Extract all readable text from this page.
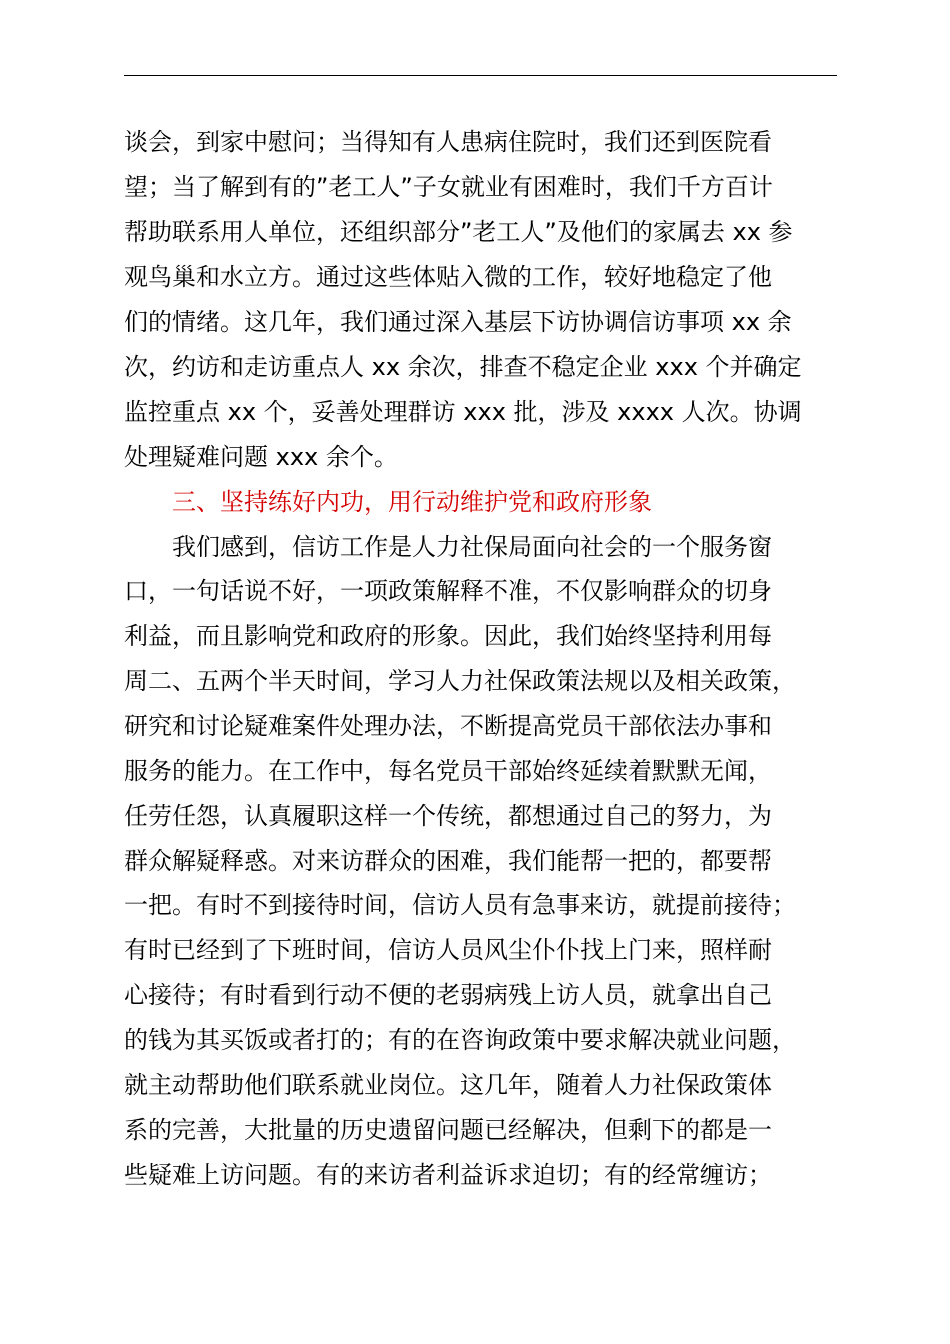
谈会，到家中慰问；当得知有人患病住院时，我们还到医院看
望；当了解到有的”老工人”子女就业有困难时，我们千方百计
帮助联系用人单位，还组织部分”老工人”及他们的家属去 xx 参
观鸟巢和水立方。通过这些体贴入微的工作，较好地稳定了他
们的情绪。这几年，我们通过深入基层下访协调信访事项 xx 余
次，约访和走访重点人 xx 余次，排查不稳定企业 xxx 个并确定
监控重点 xx 个，妥善处理群访 xxx 批，涉及 xxxx 人次。协调
处理疑难问题 xxx 余个。
三、坚持练好内功，用行动维护党和政府形象
我们感到，信访工作是人力社保局面向社会的一个服务窗
口，一句话说不好，一项政策解释不准，不仅影响群众的切身
利益，而且影响党和政府的形象。因此，我们始终坚持利用每
周二、五两个半天时间，学习人力社保政策法规以及相关政策，
研究和讨论疑难案件处理办法，不断提高党员干部依法办事和
服务的能力。在工作中，每名党员干部始终延续着默默无闻，
任劳任怨，认真履职这样一个传统，都想通过自己的努力，为
群众解疑释惑。对来访群众的困难，我们能帮一把的，都要帮
一把。有时不到接待时间，信访人员有急事来访，就提前接待；
有时已经到了下班时间，信访人员风尘仆仆找上门来，照样耐
心接待；有时看到行动不便的老弱病残上访人员，就拿出自己
的钱为其买饭或者打的；有的在咨询政策中要求解决就业问题，
就主动帮助他们联系就业岗位。这几年，随着人力社保政策体
系的完善，大批量的历史遗留问题已经解决，但剩下的都是一
些疑难上访问题。有的来访者利益诉求迫切；有的经常缠访；
